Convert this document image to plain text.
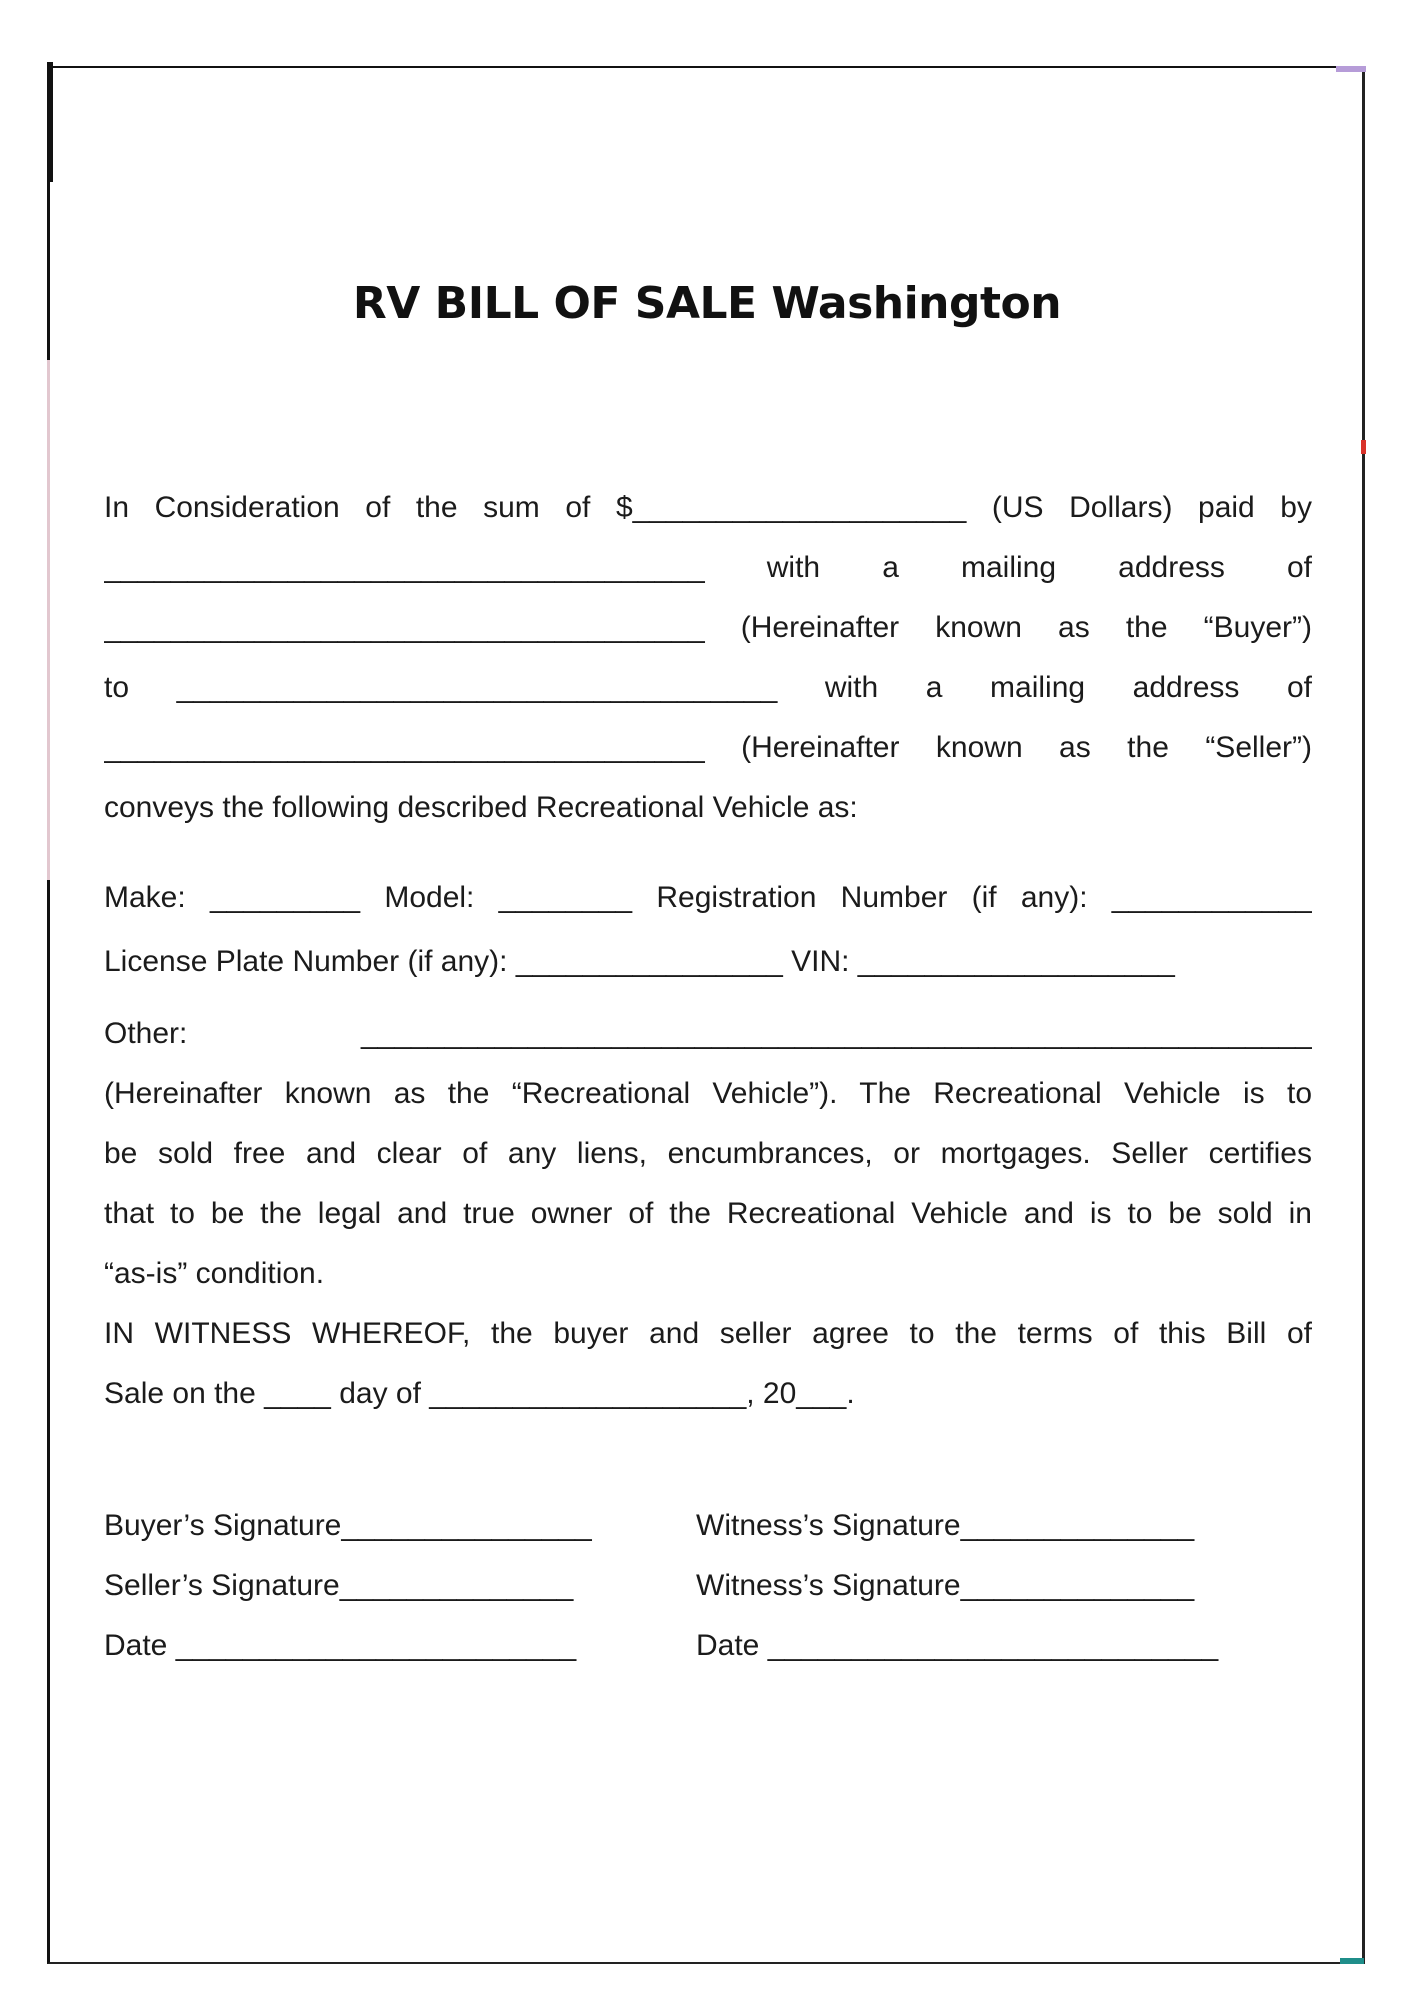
RV BILL OF SALE Washington
In Consideration of the sum of $____________________ (US Dollars) paid by
____________________________________ with a mailing address of
____________________________________ (Hereinafter known as the “Buyer”)
to ____________________________________ with a mailing address of
____________________________________ (Hereinafter known as the “Seller”)
conveys the following described Recreational Vehicle as:
Make: _________ Model: ________ Registration Number (if any): ____________
License Plate Number (if any): ________________ VIN: ___________________
Other: _________________________________________________________
(Hereinafter known as the “Recreational Vehicle”). The Recreational Vehicle is to
be sold free and clear of any liens, encumbrances, or mortgages. Seller certifies
that to be the legal and true owner of the Recreational Vehicle and is to be sold in
“as-is” condition.
IN WITNESS WHEREOF, the buyer and seller agree to the terms of this Bill of
Sale on the ____ day of ___________________, 20___.
Buyer’s Signature_______________
Seller’s Signature______________
Date ________________________
Witness’s Signature______________
Witness’s Signature______________
Date ___________________________
